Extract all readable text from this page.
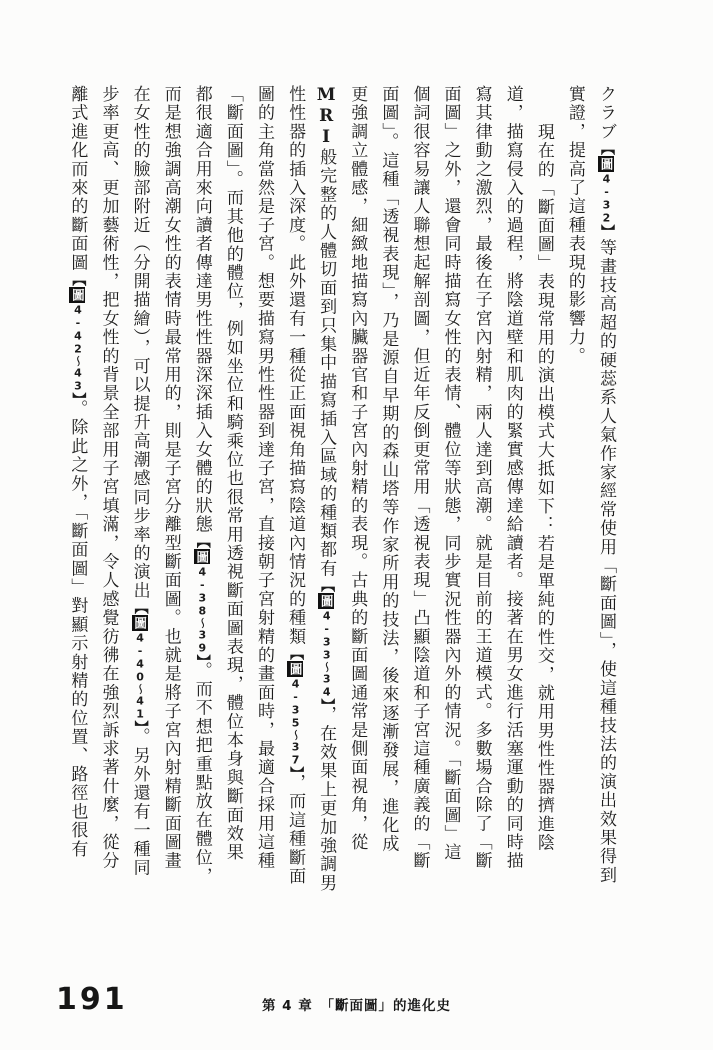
クラブ【圖4-32】等畫技高超的硬蕊系人氣作家經常使用「斷面圖」，使這種技法的演出效果得到
實證，提高了這種表現的影響力。
現在的「斷面圖」表現常用的演出模式大抵如下：若是單純的性交，就用男性性器擠進陰
道，描寫侵入的過程，將陰道壁和肌肉的緊實感傳達給讀者。接著在男女進行活塞運動的同時描
寫其律動之激烈，最後在子宮內射精，兩人達到高潮。就是目前的王道模式。多數場合除了「斷
面圖」之外，還會同時描寫女性的表情、體位等狀態，同步實況性器內外的情況。「斷面圖」這
個詞很容易讓人聯想起解剖圖，但近年反倒更常用「透視表現」凸顯陰道和子宮這種廣義的「斷
面圖」。這種「透視表現」，乃是源自早期的森山塔等作家所用的技法，後來逐漸發展，進化成
更強調立體感，細緻地描寫內臟器官和子宮內射精的表現。古典的斷面圖通常是側面視角，從
MRI般完整的人體切面到只集中描寫插入區域的種類都有【圖4-33〜34】，在效果上更加強調男
性性器的插入深度。此外還有一種從正面視角描寫陰道內情況的種類【圖4-35〜37】，而這種斷面
圖的主角當然是子宮。想要描寫男性性器到達子宮，直接朝子宮射精的畫面時，最適合採用這種
「斷面圖」。而其他的體位，例如坐位和騎乘位也很常用透視斷面圖表現，體位本身與斷面效果
都很適合用來向讀者傳達男性性器深深插入女體的狀態【圖4-38〜39】。而不想把重點放在體位，
而是想強調高潮女性的表情時最常用的，則是子宮分離型斷面圖。也就是將子宮內射精斷面圖畫
在女性的臉部附近（分開描繪），可以提升高潮感同步率的演出【圖4-40〜41】。另外還有一種同
步率更高、更加藝術性，把女性的背景全部用子宮填滿，令人感覺彷彿在強烈訴求著什麼，從分
離式進化而來的斷面圖【圖4-42〜43】。除此之外，「斷面圖」對顯示射精的位置、路徑也很有
191	第 4 章　「斷面圖」的進化史
